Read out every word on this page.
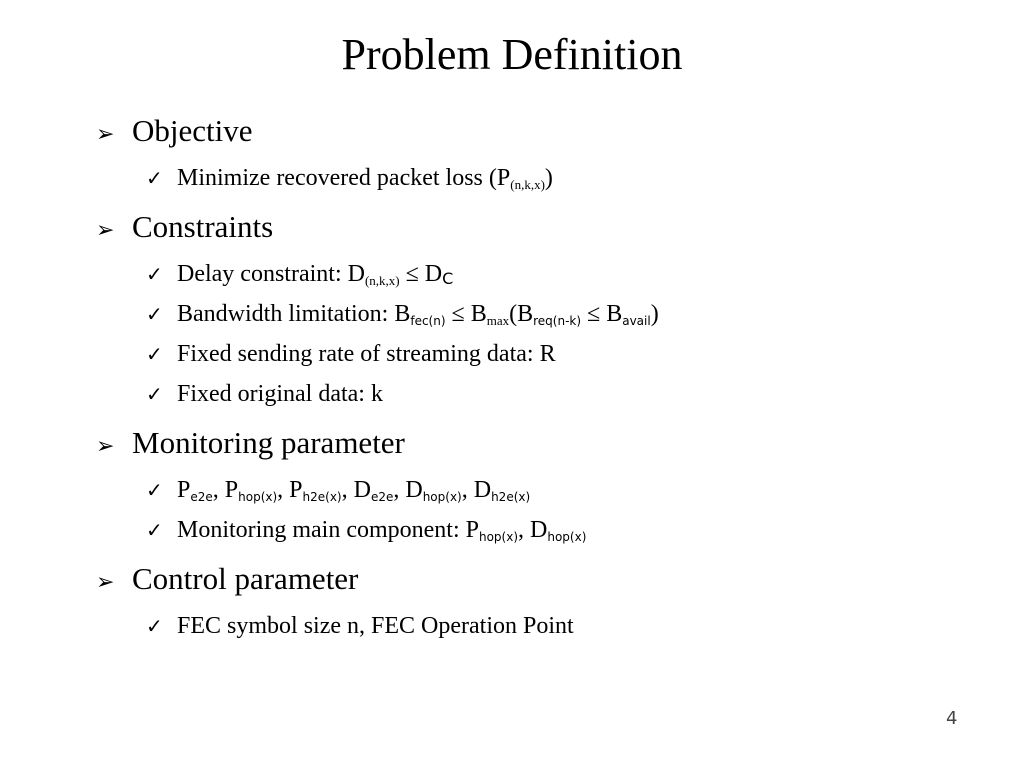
Problem Definition
➢ Objective
✓ Minimize recovered packet loss $(P_{(n,k,x)})$
➢ Constraints
✓ Delay constraint: $D_{(n,k,x)}$ ≤ DC
✓ Bandwidth limitation: Bfec(n) ≤ $B_{max}(Breq(n-k)$ ≤ Bavail)
✓ Fixed sending rate of streaming data: R
✓ Fixed original data: k
➢ Monitoring parameter
✓ Pe2e, Phop(x), Ph2e(x), De2e, Dhop(x), Dh2e(x)
✓ Monitoring main component: Phop(x), Dhop(x)
➢ Control parameter
✓ FEC symbol size n, FEC Operation Point
4
